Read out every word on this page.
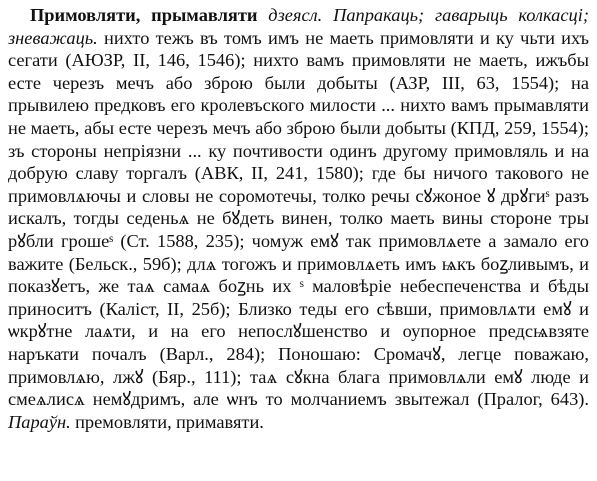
Примовляти, прымавляти дзеясл. Папракаць; гаварыць колкасці; зневажаць. нихто тежъ въ томъ имъ не маеть примовляти и ку чьти ихъ сегати (АЮЗР, II, 146, 1546); нихто вамъ примовляти не маеть, ижъбы есте черезъ мечъ або зброю были добыты (АЗР, III, 63, 1554); на прывилею предковъ его кролевъского милости ... нихто вамъ прымавляти не маеть, абы есте черезъ мечъ або зброю были добыты (КПД, 259, 1554); зъ стороны непрiязни ... ку почтивости одинъ другому примовляль и на добрую славу торгалъ (АВК, II, 241, 1580); где бы ничого такового не примовлѧючы и словы не соромотечы, толко речы сꙋжоное ꙋ дрꙋгиˢ разъ искалъ, тогды седеньѧ не бꙋдеть винен, толко маеть вины стороне тры рꙋбли грошеˢ (Ст. 1588, 235); чомуж емꙋ так примовлѧете а замало его важите (Бельск., 59б); длѧ тогожъ и примовлѧеть имъ ѩкъ боꙁливымъ, и показꙋетъ, же таѧ самаѧ боꙁнь их ˢ маловѣрiе небеспеченства и бѣды приноситъ (Каліст, II, 25б); Близко теды его сѣвши, примовлѧти емꙋ и ѡкрꙋтне лаѧти, и на его непослꙋшенство и оупорное предсѩвзяте наръкати почалъ (Варл., 284); Поношаю: Сромачꙋ, легце поважаю, примовлѧю, лжꙋ (Бяр., 111); таѧ сꙋкна блага примовлѧли емꙋ люде и смеѧлисѧ немꙋдримъ, але ѡнъ то молчаниемъ звытежал (Пралог, 643). Параўн. премовляти, примавяти.
